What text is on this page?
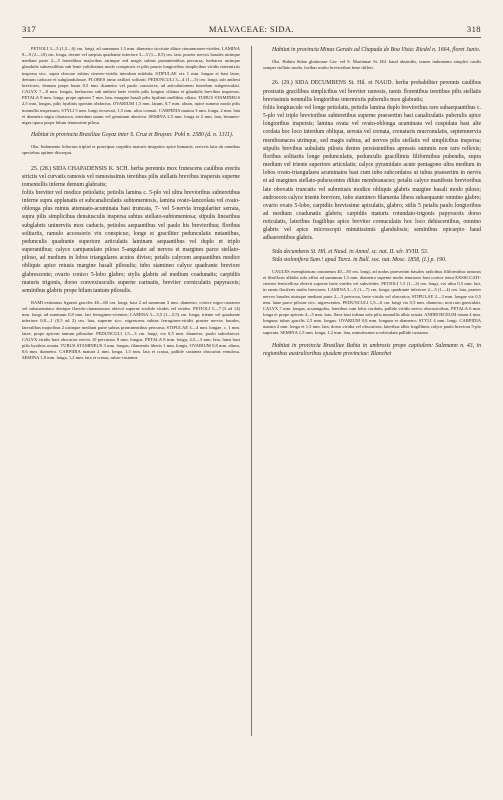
317	MALVACEAE: SIDA.	318

PETIOLI 3—5 (1,5—6) cm. longi, ad summum 1,5 mm. diametro siccitate dilute cinnamomeo-virides; LAMINA 8—9 (2—10) cm. longa, triente vel saepius quadrante inferiore 3—5 (1—8,5) cm. lata, praeter nervos basales utrinque medianí parte 2—5 lateralibus majoribus utrinque sed magis subtus prominentibus percursa, herbacea utrinque glandulis subsessilibus sub lente validissima modo conspicuis et pilis paucis longioribus simplicibus viridis intermixtis inspersa sicc. supra obscure subtus cinereo-viridis interdum nitidula; STIPULAE vix 1 mm. longae et basi latae, demum caducae et subglandulosae. FLORES ramo axillari solitarii. PEDUNCULI 3—4 (1—5) cm. longi, sub anthesi breviores, demum prope basin 0,5 mm. diametro vel paulo crassiores, ad articulationem interdum subgeniculati. CALYX 7—8 mm. longus, herbaceus sub anthesi laete viridis pilis longius ciliatus et glandulis brevibus inspersus. PETALA 9 mm. longa, prope apicem 7 mm. lata, margine basali pilis hyalinis mollibus ciliata. TUBUS STAMINEUS 2,5 mm. longus, pilis hyalinis sparsim obductus. OVARIUM 1,5 mm. latum, 0,7 mm. altum, apice summo modo pilis nonnullis inspersum; STYLI 5 mm. longi recurvati, 1,5 mm. ultra connati. CARPIDIA matura 3 mm. longa, 2 mm. lata et diametro nigra chartacea, interdum unum vel geminum abortiva. SEMINA 2,5 mm. longa et 2 mm. lata, brunneo-nigra opaca prope hilum tenuissime pilosa.

Habitat in provincia Brasiliae Goyaz inter S. Cruz et Bruyon: Pohl n. 2580 (d. n. 1311).

Obs. Indumento foliorum tripliei et praecipue carpidiis maturis insignitor apice humanis, sericeis latis ab omnibus speciebus optime discrepat.

25. (28.) SIDA CHAPADENSIS K. SCH. herba perennis mox frutescens caulibus erectis strictis vel curvatis ramosis vel ramosissimis teretibus pilis stellatis brevibus inspersis superne tomentellis inferne demum glabratis;

foliis breviter vel modice petiolatis; petiolis lamina c. 5-plo vel ultra brevioribus subteretibus inferne supra applanatis et subcanaliculatis subtomentosis, lamina ovato-lanceolata vel ovato-oblonga plus minus attenuato-acuminata basi truncata, 7- vel 5-nervia irregulariter serrata, supra pilis simplicibus densiusculis inspersa subtus stellato-subtomentosa; stipulis linearibus subglabris uninerviis mox caducis, petiolos aequantibus vel paulo his brevioribus; floribus solitariis, ramulo accessorio vix conspicuo, longe et graciliter pedunculatis nutantibus, pedunculis quadrante superiore articulatis laminam aequantibus vel duplo et triplo superantibus; calyce campanulato piloso 5-angulato ad nervos et margines parce stellato-piloso, ad medium in lobos triangulares acutos diviso; petalis calycem aequantibus modice obliquis apice retusis margine basali pilosulis; tubo stamineo calyce quadrante breviore glabrescente; ovario conico 5-lobo glabro; stylis glabris ad medium coadunatis; carpidiis maturis trigonis, dorso convexiusculis superne carinatis, breviter corniculatis papyraceis; seminibus glabris prope hilum tantum pilosulis.

RAMI extimatus figurati graciles 40—60 cm. longi, basi 2 ad summum 3 mm. diametro, cortice nigro-castaneo vel subaurantiaco denique flavido-cinnamomeo obtecti superne sordide virides vel virides. PETIOLI 5—7 (3 ad 14) mm. longi, ad summum 0,8 mm. lati ferrugineo-virentes; LAMINA 3—5,5 (1—5,5) cm. longa, triente vel quadrante inferiore 0,8—1 (0,5 ad 2) cm. lata, superne sicc. nigrescens subtus ferrugineo-viridis praeter nervos basales, lateralibus majoribus 2 utrinque mediani parte subtus prominentibus percursa; STIPULAE 3—4 mm. longae, c. 1 mm. latae, prope apicem tantum pilosulae. PEDUNCULI 1,5—3 cm. longi, vix 0,5 mm. diametro, paulo subcelaecei. CALYX viridis basi obscurior nervis 10 percursus 8 mm. longus. PETALA 8 mm. longa, 2,5—3 mm. lata, lutea basi pilis hyalinis ornata. TUBUS STAMINEUS 3 mm. longus, filamentis liberis 1 mm. longis. OVARIUM 0,8 mm. altum, 0,6 mm. diametro. CARPIDIA matura 2 mm. longa, 1,5 mm. lata et crassa, pallide castanea obscurius venulosa. SEMINA 1,8 mm. longa, 1,2 mm. lata et crassa, rubro-castanea.

Habitat in provincia Minas Geraës ad Chapada de Boa Vista: Riedel n. 1664, floret Junio.

Obs. Habitu Sidae glutinosae Cav. vel S. Martianae St. Hil. haud absimilis, tamen indumento simplici caulis semper stellato modo, foribus multo brevioribus bene differt.

26. (29.) SIDA DECUMBENS St. Hil. et NAUD. herba probabiliter perennis caulibus prostratis gracilibus simplicibus vel breviter ramosis, ramis florentibus teretibus pilis stellatis brevissimis nonnullis longioribus intermixtis puberulis mox glabratis;

foliis longiuscule vel longe petiolatis, petiolis lamina duplo brevioribus raro subaequantibus c. 5-plo vel triplo brevioribus subteretibus superne praesertim basi canaliculatis puberulis apice longioribus inspersis; lamina ovata vel ovato-oblonga acuminata vel cuspidata basi alte cordata hoc loco interdum obliqua, serrata vel crenata, crenaturis mucronulatis, septemnervia membranacea utrinque, sed magis subtus, ad nervos pilis stellatis vel simplicibus inspersa; stipulis brevibus subulatis pilosis dentes persistentibus apressis summis non raro reflexis; floribus solitariis longe pedunculatis, pedunculis gracillimis filiformibus pubendis, supra medium vel triente superiore articulatis; calyce pyramidato acute pentagono ultra medium in lobos ovato-triangulares acuminatos basi cum tubo subcordatos ut tubus praesertim in nervis et ad margines stellato-pubescentes dilute membranaceo; petalis calyce manifeste brevioribus late obovatis truncatis vel subretusis modice obliquis glabris margine basali modo piloso; androeceo calyce triente breviore, tubo stamineo filamenta libera subaequante omnino glabro; ovario ovato 5-lobo, carpidiis brevissime apiculatis, glabro; stilis 5 petalis paulo longioribus ad medium coadunatis glabris; carpidiis maturis rotundato-trigonis papyraceis dorso reticulatis, lateribus fragilibus apice breviter cornuculatis hoc loco dehiscentibus, omnino glabris vel apice microscopii minutissimis glandulosis; seminibus opicarpio haud adhaerentibus glabris.

Sida decumbens St. Hil. et Naud. in Annal. sc. nat. II. sér. XVIII. 53.

Sida stolonifera Sum.! apud Turcz. in Bull. soc. nat. Mosc. 1858, (I.) p. 190.

CAULES exemplarium castaneum 40—50 cm. longi, ad nodos praesertim basales radicibus filiformibus ramosis et fibrillosis albidis solo affixi ad summum 1,5 mm. diametro superne multo tenuiores basi cortice tenui EXSSCCATI-cinereo lenticellosa obtecti superne laete virides vel subvirides. PETIOLI 1,5 (1—3) cm. longi, vix ultra 0,5 mm. lati, in ramis floriferis multo breviores; LAMINA 3—5 (1—7) cm. longa, quadrante inferiore 2—3 (1—4) cm. lata, praeter nervos basales utrinque mediani parte 2—3 percursa, laete viridis vel obscurior; STIPULAE 2—3 mm. longae vix 0,5 mm. latae parce pilosae sicc. nigrescentes. PEDUNCULI 1,5—6 cm. longi vix 0,3 mm. diametro, non raro geniculati. CALYX 7 mm. longus, acutangulus, lateribus cum lobis cordatis, pallide viridis nervis obscurioribus. PETALA 6 mm. longa et prope apicem 4—5 mm. lata, flava basi infima sola pilis nonnullis albis ornata. ANDROECEUM totum 4 mm. longum; tubus gracilis 2,5 mm. longus. OVARIUM 0,8 mm. longum et diametro; STYLI 4 mm. longi. CARPIDIA matura 2 mm. longa et 1,5 mm. lata, dorso viridia vel obscuriora, lateribus albis fragillimis calyce paulo breviora 5-plo superata. SEMINA 1,5 mm. longa, 1,2 mm. lata, minutissime scrobiculata pallide castanea.

Habitat in provincia Brasiliae Bahia in umbrosis prope capitalem: Salzmann n. 43, in regionibus australioribus ejusdem provinciae: Blanchet
